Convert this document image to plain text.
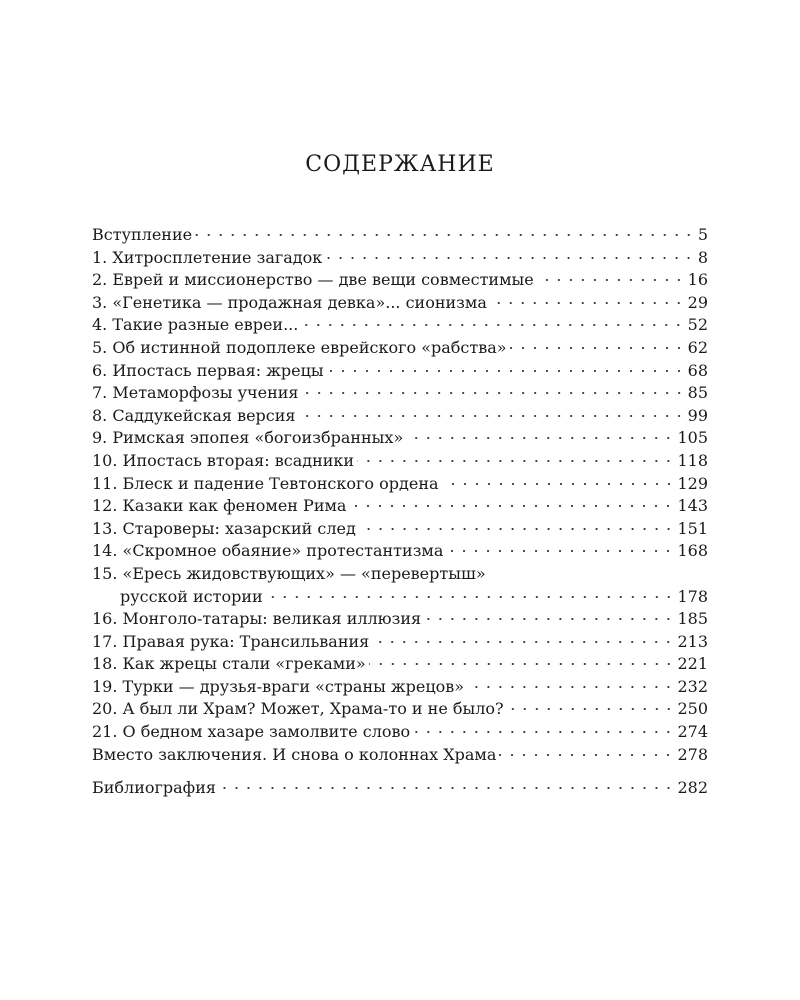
СОДЕРЖАНИЕ
Вступление	5
1. Хитросплетение загадок	8
2. Еврей и миссионерство — две вещи совместимые	16
3. «Генетика — продажная девка»... сионизма	29
4. Такие разные евреи...	52
5. Об истинной подоплеке еврейского «рабства»	62
6. Ипостась первая: жрецы	68
7. Метаморфозы учения	85
8. Саддукейская версия	99
9. Римская эпопея «богоизбранных»	105
10. Ипостась вторая: всадники	118
11. Блеск и падение Тевтонского ордена	129
12. Казаки как феномен Рима	143
13. Староверы: хазарский след	151
14. «Скромное обаяние» протестантизма	168
15. «Ересь жидовствующих» — «перевертыш»
русской истории	178
16. Монголо-татары: великая иллюзия	185
17. Правая рука: Трансильвания	213
18. Как жрецы стали «греками»	221
19. Турки — друзья-враги «страны жрецов»	232
20. А был ли Храм? Может, Храма-то и не было?	250
21. О бедном хазаре замолвите слово	274
Вместо заключения. И снова о колоннах Храма	278
Библиография	282
